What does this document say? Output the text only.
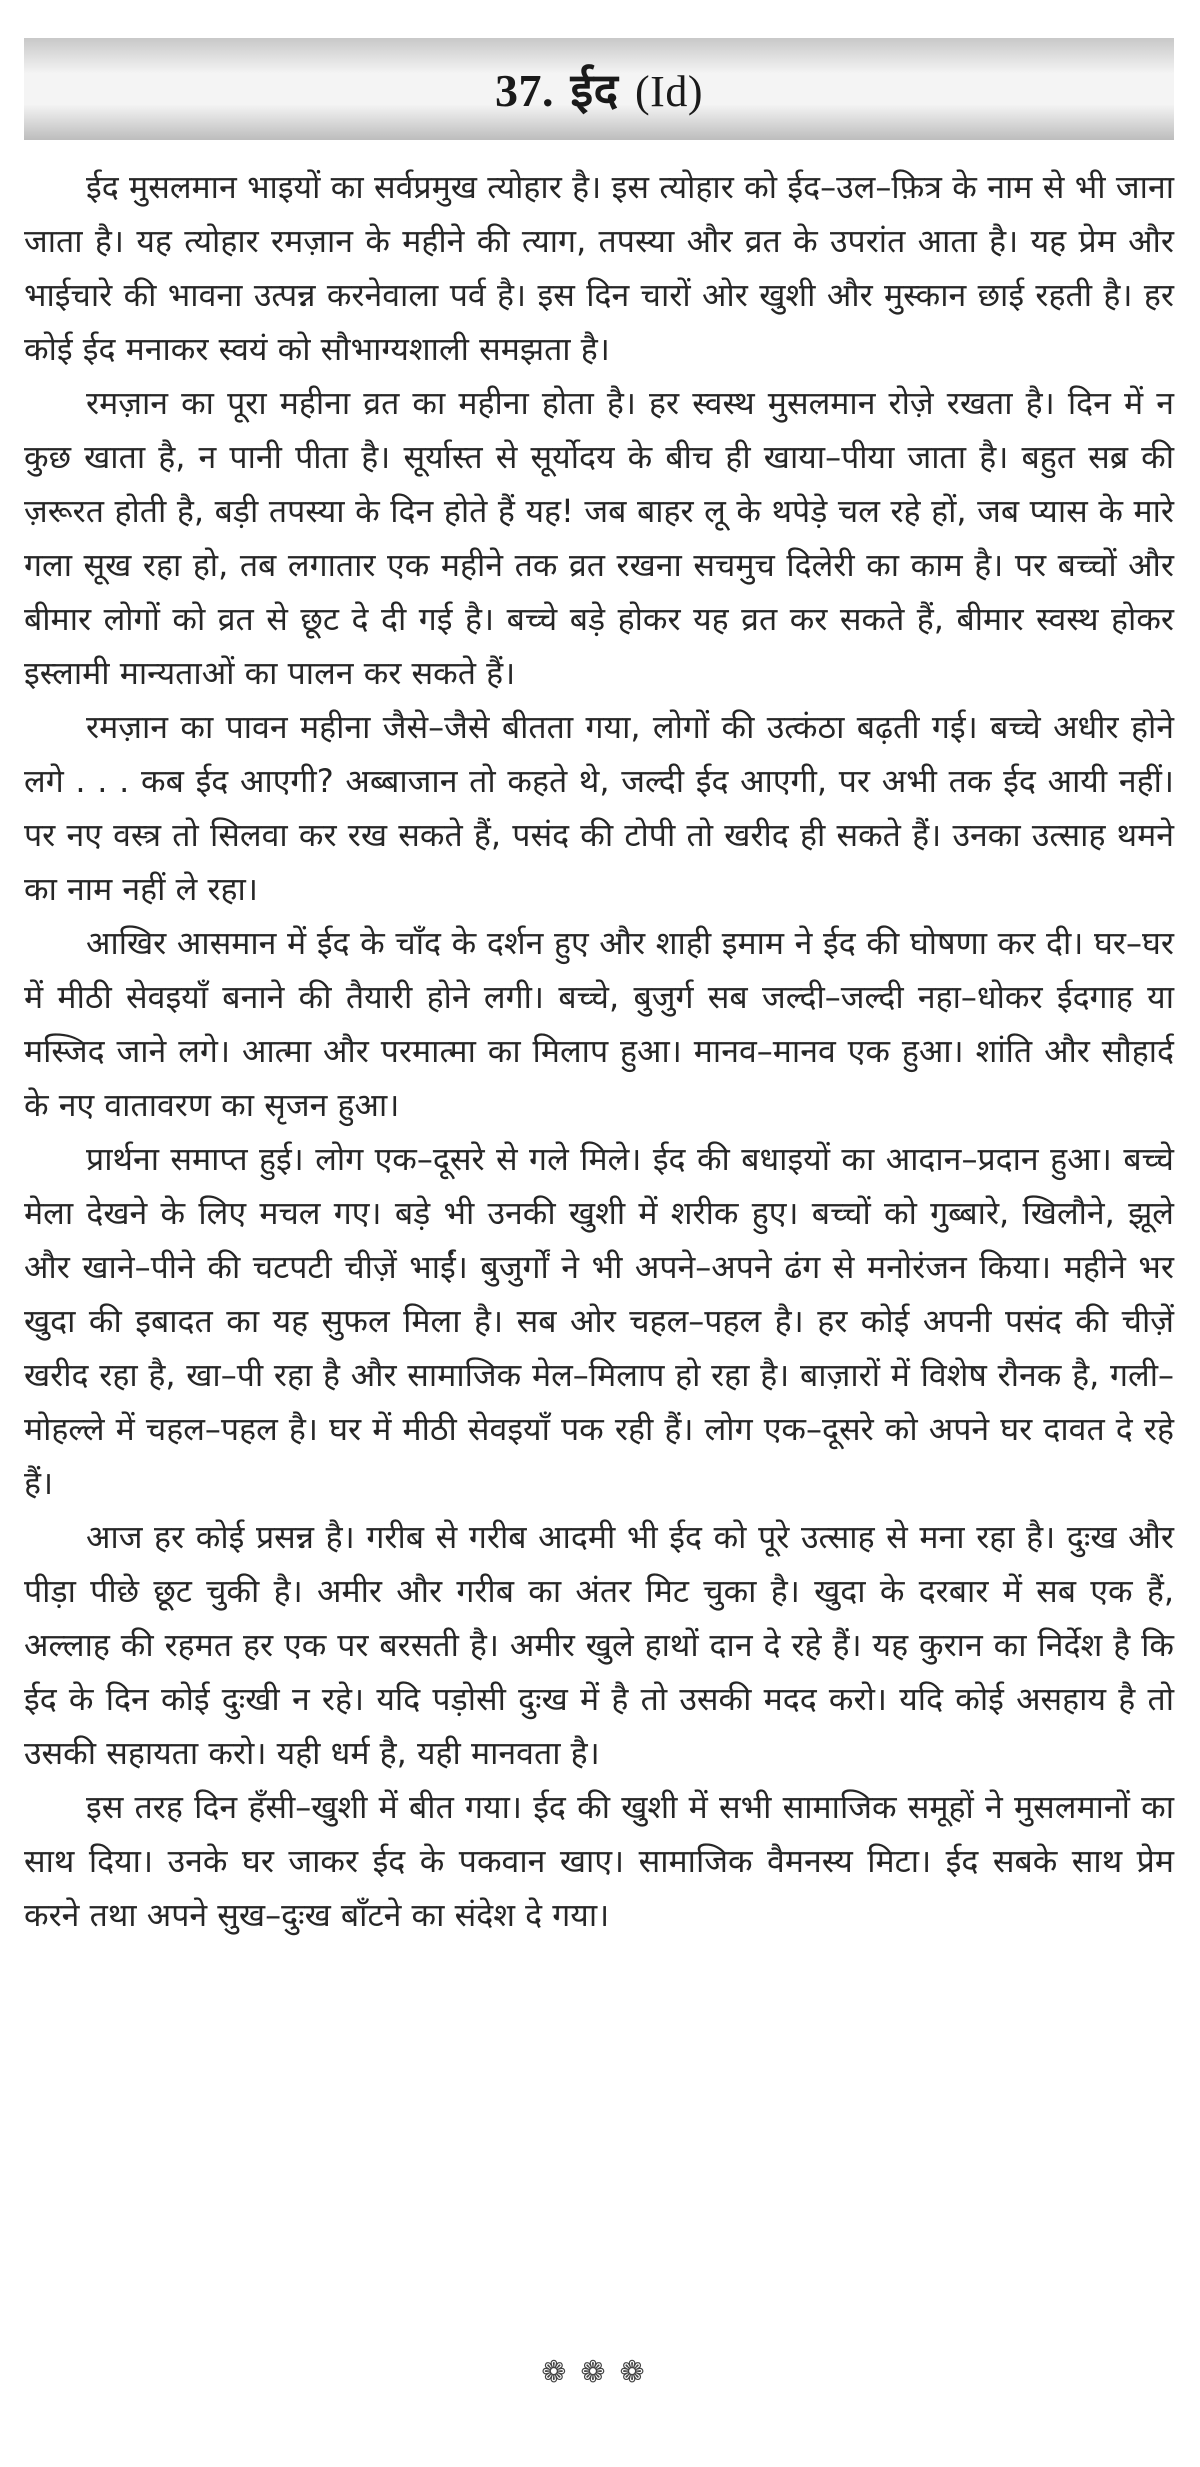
37. ईद (Id)

ईद मुसलमान भाइयों का सर्वप्रमुख त्योहार है। इस त्योहार को ईद–उल–फ़ित्र के नाम से भी जाना जाता है। यह त्योहार रमज़ान के महीने की त्याग, तपस्या और व्रत के उपरांत आता है। यह प्रेम और भाईचारे की भावना उत्पन्न करनेवाला पर्व है। इस दिन चारों ओर खुशी और मुस्कान छाई रहती है। हर कोई ईद मनाकर स्वयं को सौभाग्यशाली समझता है।

रमज़ान का पूरा महीना व्रत का महीना होता है। हर स्वस्थ मुसलमान रोज़े रखता है। दिन में न कुछ खाता है, न पानी पीता है। सूर्यास्त से सूर्योदय के बीच ही खाया–पीया जाता है। बहुत सब्र की ज़रूरत होती है, बड़ी तपस्या के दिन होते हैं यह! जब बाहर लू के थपेड़े चल रहे हों, जब प्यास के मारे गला सूख रहा हो, तब लगातार एक महीने तक व्रत रखना सचमुच दिलेरी का काम है। पर बच्चों और बीमार लोगों को व्रत से छूट दे दी गई है। बच्चे बड़े होकर यह व्रत कर सकते हैं, बीमार स्वस्थ होकर इस्लामी मान्यताओं का पालन कर सकते हैं।

रमज़ान का पावन महीना जैसे–जैसे बीतता गया, लोगों की उत्कंठा बढ़ती गई। बच्चे अधीर होने लगे . . . कब ईद आएगी? अब्बाजान तो कहते थे, जल्दी ईद आएगी, पर अभी तक ईद आयी नहीं। पर नए वस्त्र तो सिलवा कर रख सकते हैं, पसंद की टोपी तो खरीद ही सकते हैं। उनका उत्साह थमने का नाम नहीं ले रहा।

आखिर आसमान में ईद के चाँद के दर्शन हुए और शाही इमाम ने ईद की घोषणा कर दी। घर–घर में मीठी सेवइयाँ बनाने की तैयारी होने लगी। बच्चे, बुजुर्ग सब जल्दी–जल्दी नहा–धोकर ईदगाह या मस्जिद जाने लगे। आत्मा और परमात्मा का मिलाप हुआ। मानव–मानव एक हुआ। शांति और सौहार्द के नए वातावरण का सृजन हुआ।

प्रार्थना समाप्त हुई। लोग एक–दूसरे से गले मिले। ईद की बधाइयों का आदान–प्रदान हुआ। बच्चे मेला देखने के लिए मचल गए। बड़े भी उनकी खुशी में शरीक हुए। बच्चों को गुब्बारे, खिलौने, झूले और खाने–पीने की चटपटी चीज़ें भाईं। बुजुर्गों ने भी अपने–अपने ढंग से मनोरंजन किया। महीने भर खुदा की इबादत का यह सुफल मिला है। सब ओर चहल–पहल है। हर कोई अपनी पसंद की चीज़ें खरीद रहा है, खा–पी रहा है और सामाजिक मेल–मिलाप हो रहा है। बाज़ारों में विशेष रौनक है, गली–मोहल्ले में चहल–पहल है। घर में मीठी सेवइयाँ पक रही हैं। लोग एक–दूसरे को अपने घर दावत दे रहे हैं।

आज हर कोई प्रसन्न है। गरीब से गरीब आदमी भी ईद को पूरे उत्साह से मना रहा है। दुःख और पीड़ा पीछे छूट चुकी है। अमीर और गरीब का अंतर मिट चुका है। खुदा के दरबार में सब एक हैं, अल्लाह की रहमत हर एक पर बरसती है। अमीर खुले हाथों दान दे रहे हैं। यह कुरान का निर्देश है कि ईद के दिन कोई दुःखी न रहे। यदि पड़ोसी दुःख में है तो उसकी मदद करो। यदि कोई असहाय है तो उसकी सहायता करो। यही धर्म है, यही मानवता है।

इस तरह दिन हँसी–खुशी में बीत गया। ईद की खुशी में सभी सामाजिक समूहों ने मुसलमानों का साथ दिया। उनके घर जाकर ईद के पकवान खाए। सामाजिक वैमनस्य मिटा। ईद सबके साथ प्रेम करने तथा अपने सुख–दुःख बाँटने का संदेश दे गया।

❁❁❁
